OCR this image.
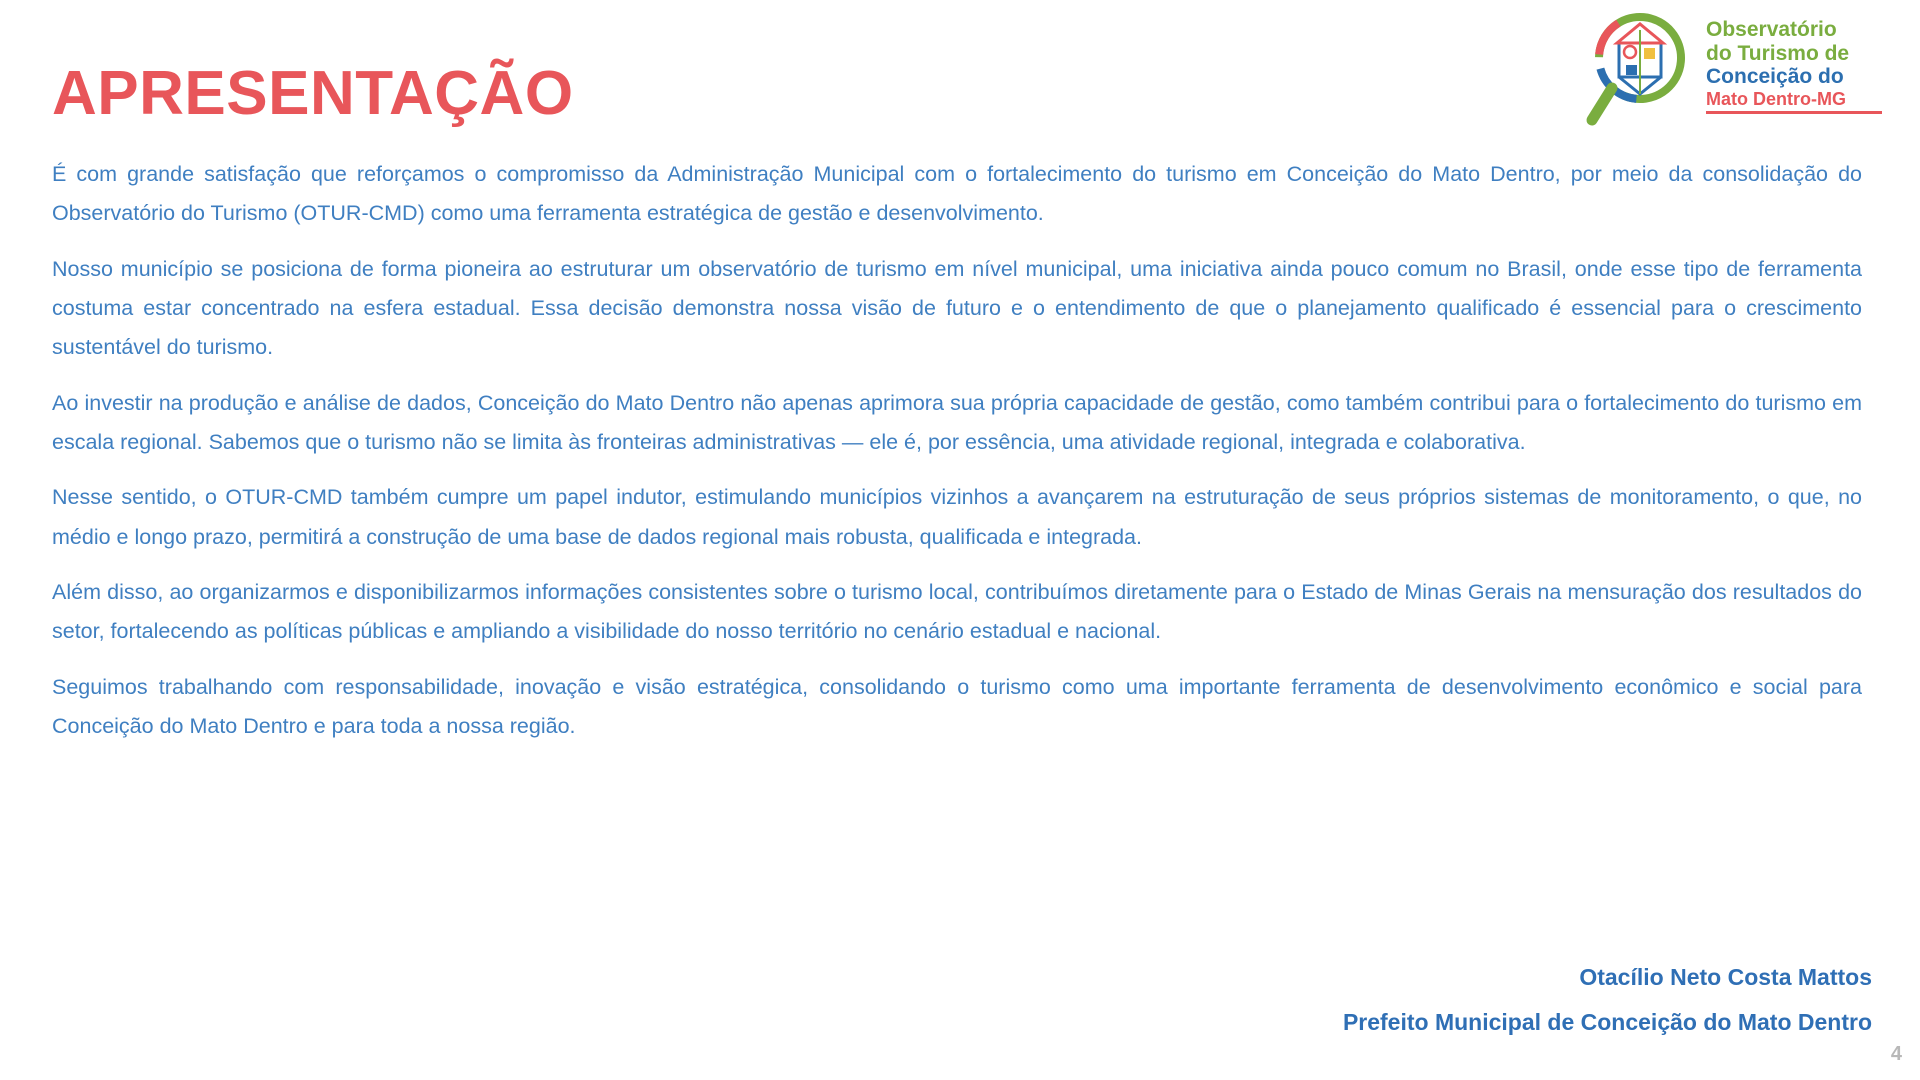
APRESENTAÇÃO
Observatório
do Turismo de
Conceição do
Mato Dentro-MG

É com grande satisfação que reforçamos o compromisso da Administração Municipal com o fortalecimento do turismo em Conceição do Mato Dentro, por meio da consolidação do Observatório do Turismo (OTUR-CMD) como uma ferramenta estratégica de gestão e desenvolvimento.

Nosso município se posiciona de forma pioneira ao estruturar um observatório de turismo em nível municipal, uma iniciativa ainda pouco comum no Brasil, onde esse tipo de ferramenta costuma estar concentrado na esfera estadual. Essa decisão demonstra nossa visão de futuro e o entendimento de que o planejamento qualificado é essencial para o crescimento sustentável do turismo.

Ao investir na produção e análise de dados, Conceição do Mato Dentro não apenas aprimora sua própria capacidade de gestão, como também contribui para o fortalecimento do turismo em escala regional. Sabemos que o turismo não se limita às fronteiras administrativas — ele é, por essência, uma atividade regional, integrada e colaborativa.

Nesse sentido, o OTUR-CMD também cumpre um papel indutor, estimulando municípios vizinhos a avançarem na estruturação de seus próprios sistemas de monitoramento, o que, no médio e longo prazo, permitirá a construção de uma base de dados regional mais robusta, qualificada e integrada.

Além disso, ao organizarmos e disponibilizarmos informações consistentes sobre o turismo local, contribuímos diretamente para o Estado de Minas Gerais na mensuração dos resultados do setor, fortalecendo as políticas públicas e ampliando a visibilidade do nosso território no cenário estadual e nacional.

Seguimos trabalhando com responsabilidade, inovação e visão estratégica, consolidando o turismo como uma importante ferramenta de desenvolvimento econômico e social para Conceição do Mato Dentro e para toda a nossa região.

Otacílio Neto Costa Mattos
Prefeito Municipal de Conceição do Mato Dentro
4
